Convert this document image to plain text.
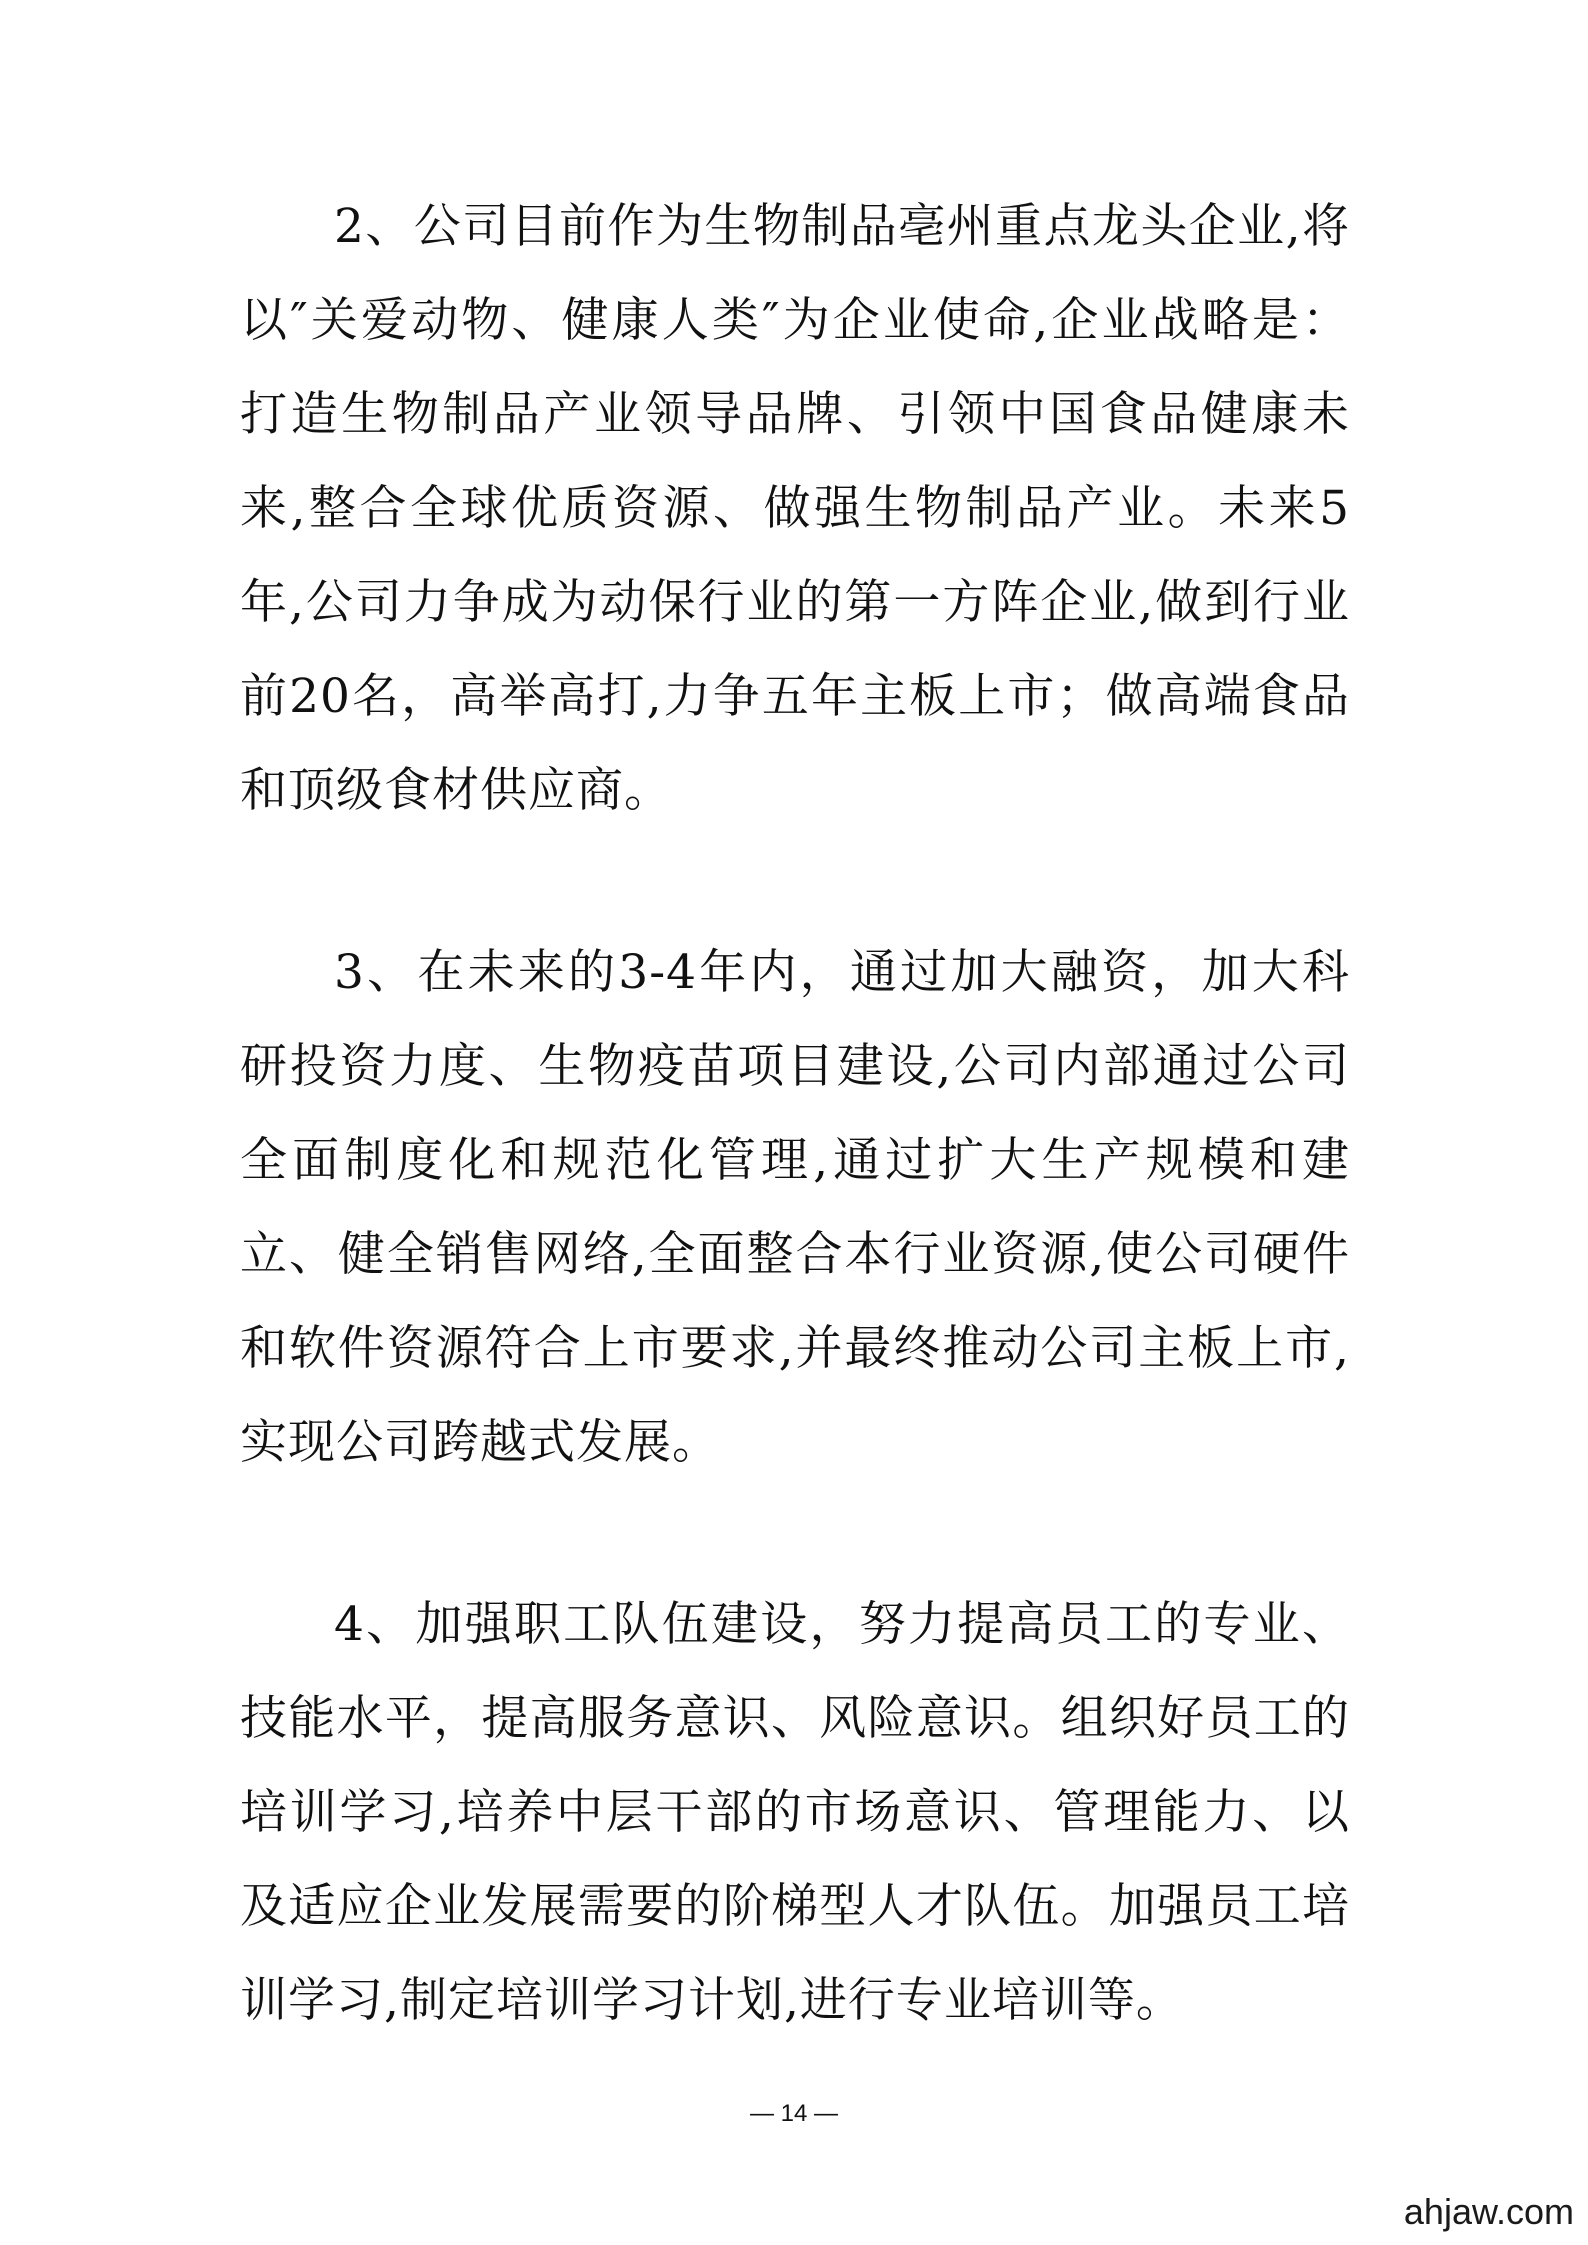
2、公司目前作为生物制品亳州重点龙头企业,将以″关爱动物、健康人类″为企业使命,企业战略是： 打造生物制品产业领导品牌、引领中国食品健康未来,整合全球优质资源、做强生物制品产业。未来5年,公司力争成为动保行业的第一方阵企业,做到行业前20名，高举高打,力争五年主板上市；做高端食品和顶级食材供应商。

3、在未来的3-4年内，通过加大融资，加大科研投资力度、生物疫苗项目建设,公司内部通过公司全面制度化和规范化管理,通过扩大生产规模和建立、健全销售网络,全面整合本行业资源,使公司硬件和软件资源符合上市要求,并最终推动公司主板上市,实现公司跨越式发展。

4、加强职工队伍建设，努力提高员工的专业、技能水平，提高服务意识、风险意识。组织好员工的培训学习,培养中层干部的市场意识、管理能力、以及适应企业发展需要的阶梯型人才队伍。加强员工培训学习,制定培训学习计划,进行专业培训等。

— 14 —
ahjaw.com
